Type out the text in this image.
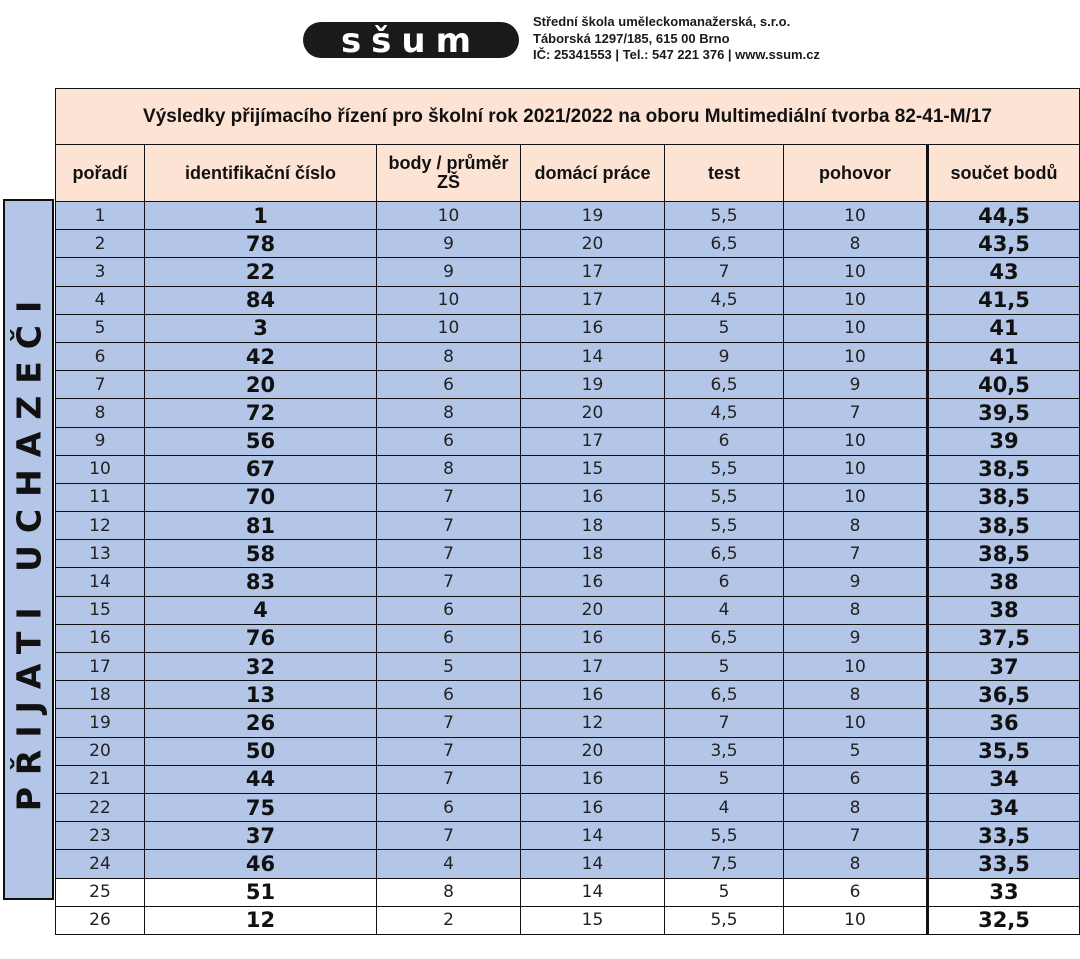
sšum	Střední škola uměleckomanažerská, s.r.o.
Táborská 1297/185, 615 00 Brno
IČ: 25341553 | Tel.: 547 221 376 | www.ssum.cz
PŘIJATI UCHAZEČI
Výsledky přijímacího řízení pro školní rok 2021/2022 na oboru Multimediální tvorba 82-41-M/17						
pořadí	identifikační číslo	body / průměr ZŠ	domácí práce	test	pohovor	součet bodů
1	1	10	19	5,5	10	44,5
2	78	9	20	6,5	8	43,5
3	22	9	17	7	10	43
4	84	10	17	4,5	10	41,5
5	3	10	16	5	10	41
6	42	8	14	9	10	41
7	20	6	19	6,5	9	40,5
8	72	8	20	4,5	7	39,5
9	56	6	17	6	10	39
10	67	8	15	5,5	10	38,5
11	70	7	16	5,5	10	38,5
12	81	7	18	5,5	8	38,5
13	58	7	18	6,5	7	38,5
14	83	7	16	6	9	38
15	4	6	20	4	8	38
16	76	6	16	6,5	9	37,5
17	32	5	17	5	10	37
18	13	6	16	6,5	8	36,5
19	26	7	12	7	10	36
20	50	7	20	3,5	5	35,5
21	44	7	16	5	6	34
22	75	6	16	4	8	34
23	37	7	14	5,5	7	33,5
24	46	4	14	7,5	8	33,5
25	51	8	14	5	6	33
26	12	2	15	5,5	10	32,5
